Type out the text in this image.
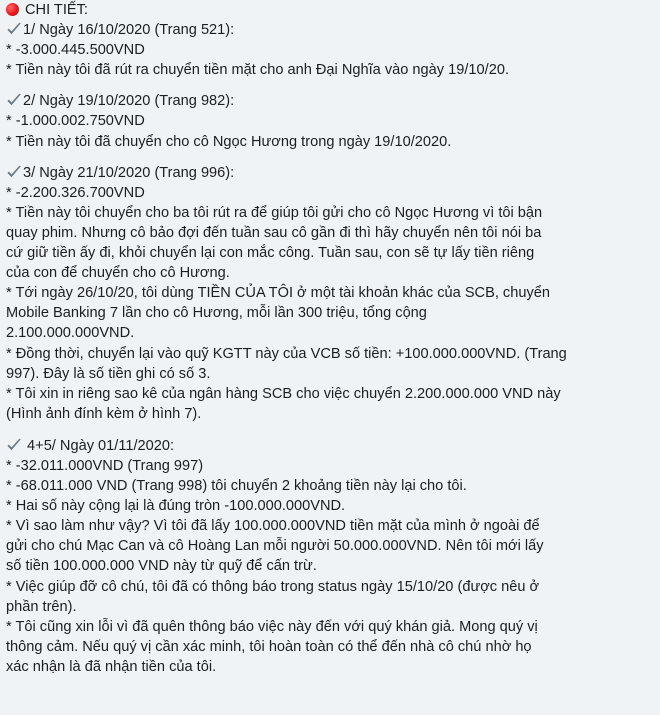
CHI TIẾT:
1/ Ngày 16/10/2020 (Trang 521):
* -3.000.445.500VND
* Tiền này tôi đã rút ra chuyển tiền mặt cho anh Đại Nghĩa vào ngày 19/10/20.
2/ Ngày 19/10/2020 (Trang 982):
* -1.000.002.750VND
* Tiền này tôi đã chuyển cho cô Ngọc Hương trong ngày 19/10/2020.
3/ Ngày 21/10/2020 (Trang 996):
* -2.200.326.700VND
* Tiền này tôi chuyển cho ba tôi rút ra để giúp tôi gửi cho cô Ngọc Hương vì tôi bận
quay phim. Nhưng cô bảo đợi đến tuần sau cô gần đi thì hãy chuyển nên tôi nói ba
cứ giữ tiền ấy đi, khỏi chuyển lại con mắc công. Tuần sau, con sẽ tự lấy tiền riêng
của con để chuyển cho cô Hương.
* Tới ngày 26/10/20, tôi dùng TIỀN CỦA TÔI ở một tài khoản khác của SCB, chuyển
Mobile Banking 7 lần cho cô Hương, mỗi lần 300 triệu, tổng cộng
2.100.000.000VND.
* Đồng thời, chuyển lại vào quỹ KGTT này của VCB số tiền: +100.000.000VND. (Trang
997). Đây là số tiền ghi có số 3.
* Tôi xin in riêng sao kê của ngân hàng SCB cho việc chuyển 2.200.000.000 VND này
(Hình ảnh đính kèm ở hình 7).
4+5/ Ngày 01/11/2020:
* -32.011.000VND (Trang 997)
* -68.011.000 VND (Trang 998) tôi chuyển 2 khoảng tiền này lại cho tôi.
* Hai số này cộng lại là đúng tròn -100.000.000VND.
* Vì sao làm như vậy? Vì tôi đã lấy 100.000.000VND tiền mặt của mình ở ngoài để
gửi cho chú Mạc Can và cô Hoàng Lan mỗi người 50.000.000VND. Nên tôi mới lấy
số tiền 100.000.000 VND này từ quỹ để cấn trừ.
* Việc giúp đỡ cô chú, tôi đã có thông báo trong status ngày 15/10/20 (được nêu ở
phần trên).
* Tôi cũng xin lỗi vì đã quên thông báo việc này đến với quý khán giả. Mong quý vị
thông cảm. Nếu quý vị cần xác minh, tôi hoàn toàn có thể đến nhà cô chú nhờ họ
xác nhận là đã nhận tiền của tôi.
